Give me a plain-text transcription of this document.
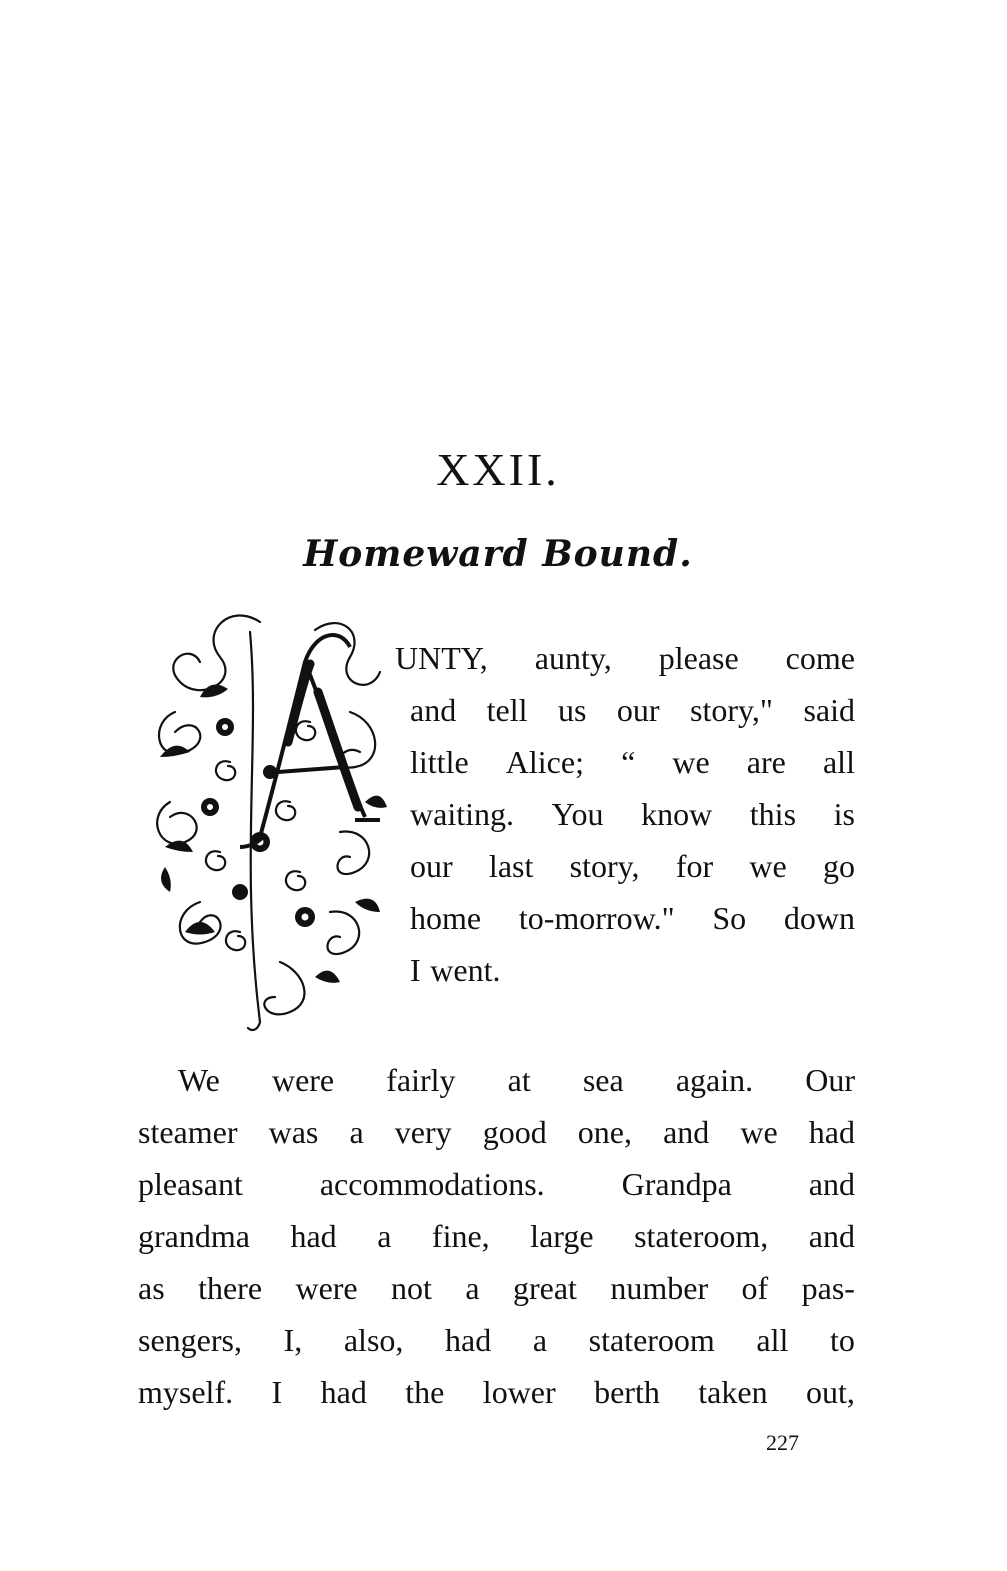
XXII.
Homeward Bound.
UNTY, aunty, please come
and tell us our story," said
little Alice; “ we are all
waiting. You know this is
our last story, for we go
home to-morrow." So down
I went.
We were fairly at sea again. Our
steamer was a very good one, and we had
pleasant accommodations. Grandpa and
grandma had a fine, large stateroom, and
as there were not a great number of pas-
sengers, I, also, had a stateroom all to
myself. I had the lower berth taken out,
227
